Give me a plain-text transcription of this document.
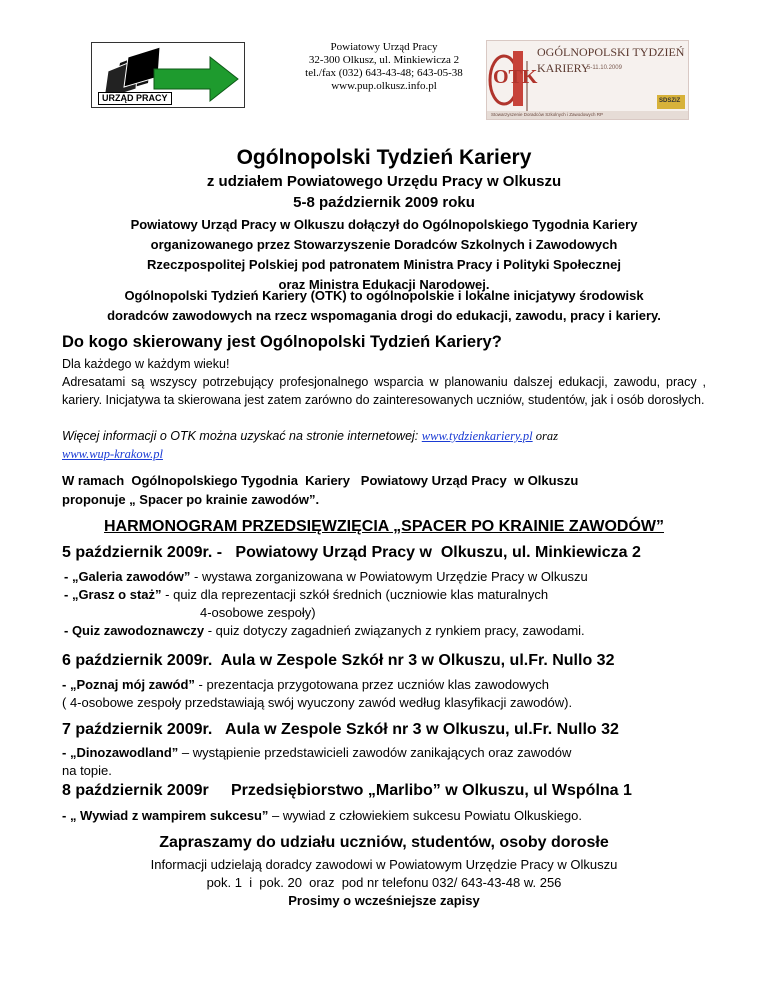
URZĄD PRACY
Powiatowy Urząd Pracy
32-300 Olkusz, ul. Minkiewicza 2
tel./fax (032) 643-43-48; 643-05-38
www.pup.olkusz.info.pl	OTK
OGÓLNOPOLSKI TYDZIEŃ
KARIERY
5-11.10.2009
SDSZiZ
Stowarzyszenie Doradców Szkolnych i Zawodowych RP
Ogólnopolski Tydzień Kariery
z udziałem Powiatowego Urzędu Pracy w Olkuszu
5-8 październik 2009 roku
Powiatowy Urząd Pracy w Olkuszu dołączył do Ogólnopolskiego Tygodnia Kariery
organizowanego przez Stowarzyszenie Doradców Szkolnych i Zawodowych
Rzeczpospolitej Polskiej pod patronatem Ministra Pracy i Polityki Społecznej
oraz Ministra Edukacji Narodowej.
Ogólnopolski Tydzień Kariery (OTK) to ogólnopolskie i lokalne inicjatywy środowisk
doradców zawodowych na rzecz wspomagania drogi do edukacji, zawodu, pracy i kariery.
Do kogo skierowany jest Ogólnopolski Tydzień Kariery?
Dla każdego w każdym wieku!
Adresatami są wszyscy potrzebujący profesjonalnego wsparcia w planowaniu dalszej edukacji, zawodu, pracy , kariery. Inicjatywa ta skierowana jest zatem zarówno do zainteresowanych uczniów, studentów, jak i osób dorosłych.
Więcej informacji o OTK można uzyskać na stronie internetowej: www.tydzienkariery.pl oraz
www.wup-krakow.pl
W ramach  Ogólnopolskiego Tygodnia  Kariery   Powiatowy Urząd Pracy  w Olkuszu
proponuje „ Spacer po krainie zawodów”.
HARMONOGRAM PRZEDSIĘWZIĘCIA „SPACER PO KRAINIE ZAWODÓW”
5 październik 2009r. -   Powiatowy Urząd Pracy w  Olkuszu, ul. Minkiewicza 2
- „Galeria zawodów” - wystawa zorganizowana w Powiatowym Urzędzie Pracy w Olkuszu
- „Grasz o staż” - quiz dla reprezentacji szkół średnich (uczniowie klas maturalnych
4-osobowe zespoły)
- Quiz zawodoznawczy - quiz dotyczy zagadnień związanych z rynkiem pracy, zawodami.
6 październik 2009r.  Aula w Zespole Szkół nr 3 w Olkuszu, ul.Fr. Nullo 32
- „Poznaj mój zawód” - prezentacja przygotowana przez uczniów klas zawodowych
( 4-osobowe zespoły przedstawiają swój wyuczony zawód według klasyfikacji zawodów).
7 październik 2009r.   Aula w Zespole Szkół nr 3 w Olkuszu, ul.Fr. Nullo 32
- „Dinozawodland” – wystąpienie przedstawicieli zawodów zanikających oraz zawodów
na topie.
8 październik 2009r     Przedsiębiorstwo „Marlibo” w Olkuszu, ul Wspólna 1
- „ Wywiad z wampirem sukcesu” – wywiad z człowiekiem sukcesu Powiatu Olkuskiego.
Zapraszamy do udziału uczniów, studentów, osoby dorosłe
Informacji udzielają doradcy zawodowi w Powiatowym Urzędzie Pracy w Olkuszu
pok. 1  i  pok. 20  oraz  pod nr telefonu 032/ 643-43-48 w. 256
Prosimy o wcześniejsze zapisy
